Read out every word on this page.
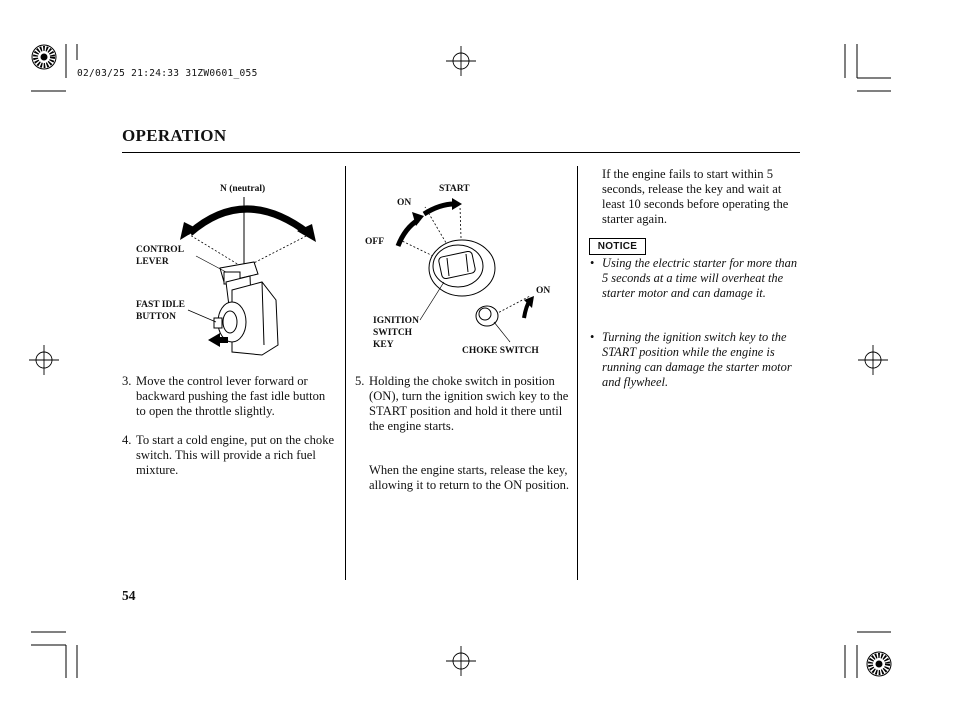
02/03/25 21:24:33 31ZW0601_055
OPERATION
N (neutral)
CONTROL
LEVER
FAST IDLE
BUTTON
START
ON
OFF
ON
IGNITION
SWITCH
KEY
CHOKE SWITCH
3. Move the control lever forward or backward pushing the fast idle button to open the throttle slightly.
4. To start a cold engine, put on the choke switch. This will provide a rich fuel mixture.
5. Holding the choke switch in position (ON), turn the ignition swich key to the START position and hold it there until the engine starts.
When the engine starts, release the key, allowing it to return to the ON position.
If the engine fails to start within 5 seconds, release the key and wait at least 10 seconds before operating the starter again.
NOTICE
• Using the electric starter for more than 5 seconds at a time will overheat the starter motor and can damage it.
• Turning the ignition switch key to the START position while the engine is running can damage the starter motor and flywheel.
54
